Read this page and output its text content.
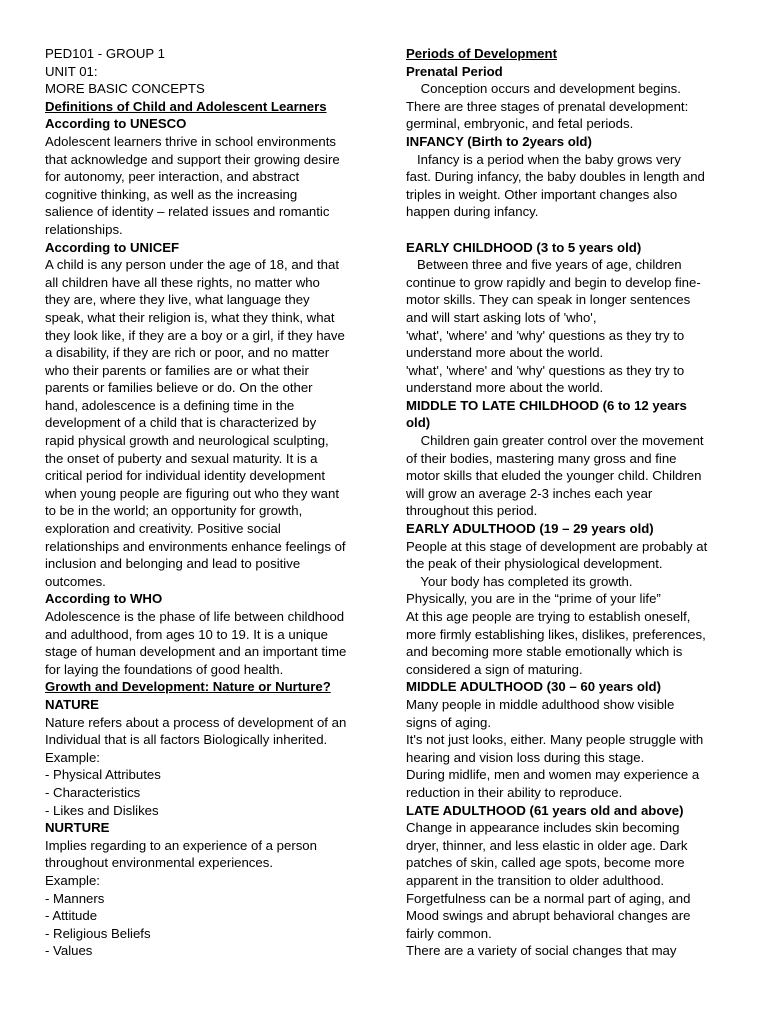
PED101 - GROUP 1
UNIT 01:
MORE BASIC CONCEPTS
Definitions of Child and Adolescent Learners
According to UNESCO
Adolescent learners thrive in school environments
that acknowledge and support their growing desire
for autonomy, peer interaction, and abstract
cognitive thinking, as well as the increasing
salience of identity – related issues and romantic
relationships.
According to UNICEF
A child is any person under the age of 18, and that
all children have all these rights, no matter who
they are, where they live, what language they
speak, what their religion is, what they think, what
they look like, if they are a boy or a girl, if they have
a disability, if they are rich or poor, and no matter
who their parents or families are or what their
parents or families believe or do. On the other
hand, adolescence is a defining time in the
development of a child that is characterized by
rapid physical growth and neurological sculpting,
the onset of puberty and sexual maturity. It is a
critical period for individual identity development
when young people are figuring out who they want
to be in the world; an opportunity for growth,
exploration and creativity. Positive social
relationships and environments enhance feelings of
inclusion and belonging and lead to positive
outcomes.
According to WHO
Adolescence is the phase of life between childhood
and adulthood, from ages 10 to 19. It is a unique
stage of human development and an important time
for laying the foundations of good health.
Growth and Development: Nature or Nurture?
NATURE
Nature refers about a process of development of an
Individual that is all factors Biologically inherited.
Example:
- Physical Attributes
- Characteristics
- Likes and Dislikes
NURTURE
Implies regarding to an experience of a person
throughout environmental experiences.
Example:
- Manners
- Attitude
- Religious Beliefs
- Values
Periods of Development
Prenatal Period
Conception occurs and development begins.
There are three stages of prenatal development:
germinal, embryonic, and fetal periods.
INFANCY (Birth to 2years old)
Infancy is a period when the baby grows very
fast. During infancy, the baby doubles in length and
triples in weight. Other important changes also
happen during infancy.
EARLY CHILDHOOD (3 to 5 years old)
Between three and five years of age, children
continue to grow rapidly and begin to develop fine-
motor skills. They can speak in longer sentences
and will start asking lots of 'who',
'what', 'where' and 'why' questions as they try to
understand more about the world.
'what', 'where' and 'why' questions as they try to
understand more about the world.
MIDDLE TO LATE CHILDHOOD (6 to 12 years
old)
Children gain greater control over the movement
of their bodies, mastering many gross and fine
motor skills that eluded the younger child. Children
will grow an average 2-3 inches each year
throughout this period.
EARLY ADULTHOOD (19 – 29 years old)
People at this stage of development are probably at
the peak of their physiological development.
Your body has completed its growth.
Physically, you are in the “prime of your life”
At this age people are trying to establish oneself,
more firmly establishing likes, dislikes, preferences,
and becoming more stable emotionally which is
considered a sign of maturing.
MIDDLE ADULTHOOD (30 – 60 years old)
Many people in middle adulthood show visible
signs of aging.
It's not just looks, either. Many people struggle with
hearing and vision loss during this stage.
During midlife, men and women may experience a
reduction in their ability to reproduce.
LATE ADULTHOOD (61 years old and above)
Change in appearance includes skin becoming
dryer, thinner, and less elastic in older age. Dark
patches of skin, called age spots, become more
apparent in the transition to older adulthood.
Forgetfulness can be a normal part of aging, and
Mood swings and abrupt behavioral changes are
fairly common.
There are a variety of social changes that may
